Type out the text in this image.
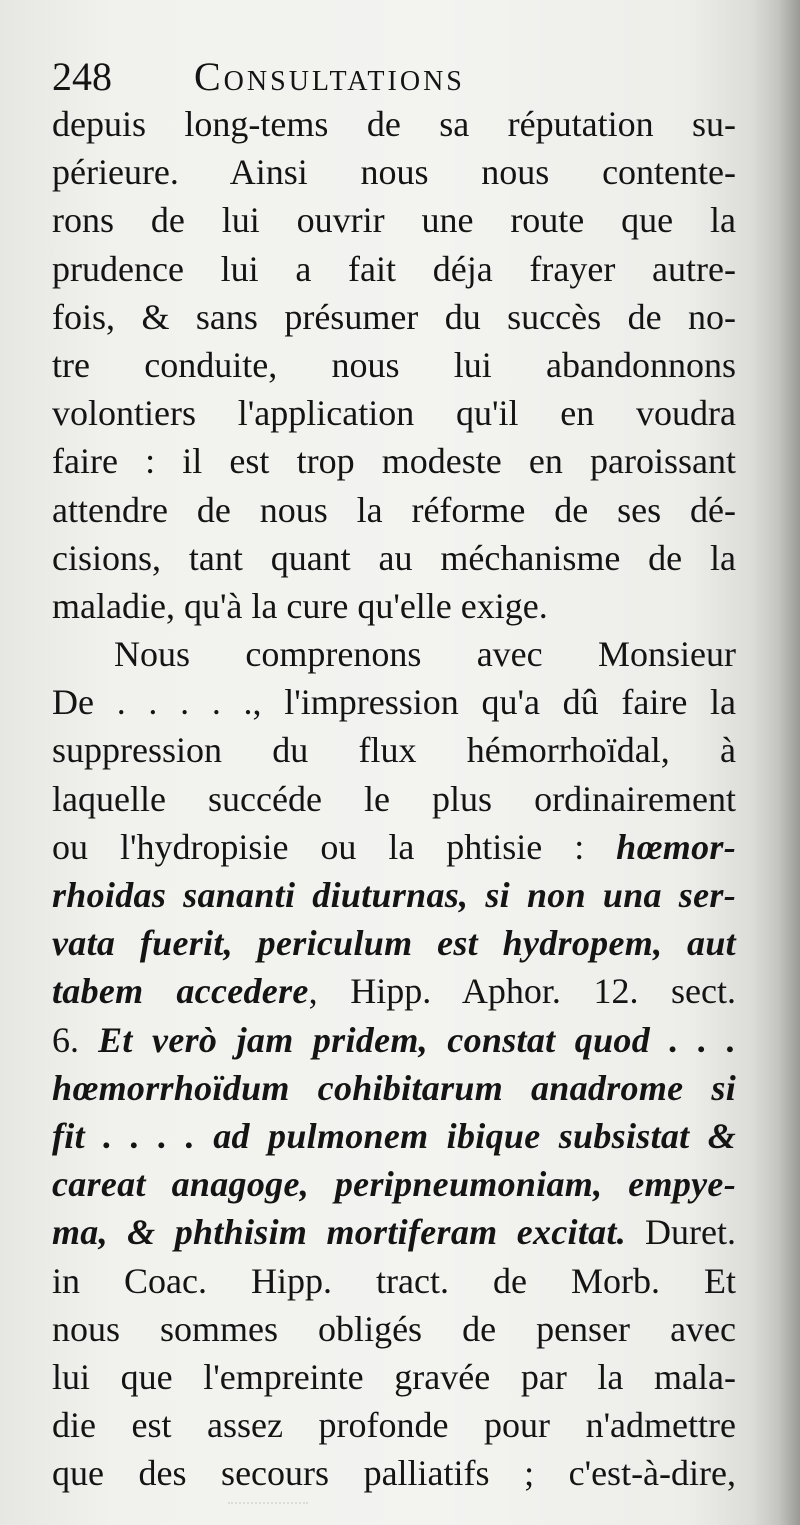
248 Consultations
depuis long-tems de sa réputation su-
périeure. Ainsi nous nous contente-
rons de lui ouvrir une route que la
prudence lui a fait déja frayer autre-
fois, & sans présumer du succès de no-
tre conduite, nous lui abandonnons
volontiers l'application qu'il en voudra
faire : il est trop modeste en paroissant
attendre de nous la réforme de ses dé-
cisions, tant quant au méchanisme de la
maladie, qu'à la cure qu'elle exige.
Nous comprenons avec Monsieur
De . . . . ., l'impression qu'a dû faire la
suppression du flux hémorrhoïdal, à
laquelle succéde le plus ordinairement
ou l'hydropisie ou la phtisie : hœmor-
rhoidas sananti diuturnas, si non una ser-
vata fuerit, periculum est hydropem, aut
tabem accedere, Hipp. Aphor. 12. sect.
6. Et verò jam pridem, constat quod . . .
hœmorrhoïdum cohibitarum anadrome si
fit . . . . ad pulmonem ibique subsistat &
careat anagoge, peripneumoniam, empye-
ma, & phthisim mortiferam excitat. Duret.
in Coac. Hipp. tract. de Morb. Et
nous sommes obligés de penser avec
lui que l'empreinte gravée par la mala-
die est assez profonde pour n'admettre
que des secours palliatifs ; c'est-à-dire,
